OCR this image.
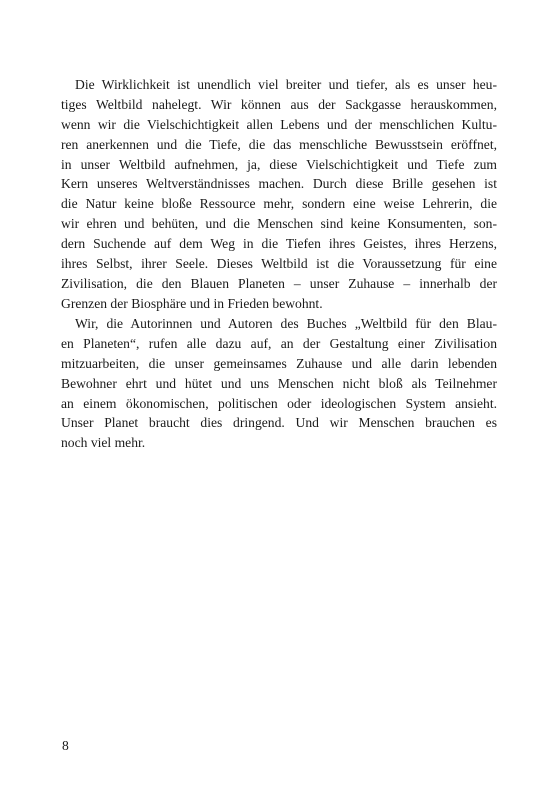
Die Wirklichkeit ist unendlich viel breiter und tiefer, als es unser heu-
tiges Weltbild nahelegt. Wir können aus der Sackgasse herauskommen,
wenn wir die Vielschichtigkeit allen Lebens und der menschlichen Kultu-
ren anerkennen und die Tiefe, die das menschliche Bewusstsein eröffnet,
in unser Weltbild aufnehmen, ja, diese Vielschichtigkeit und Tiefe zum
Kern unseres Weltverständnisses machen. Durch diese Brille gesehen ist
die Natur keine bloße Ressource mehr, sondern eine weise Lehrerin, die
wir ehren und behüten, und die Menschen sind keine Konsumenten, son-
dern Suchende auf dem Weg in die Tiefen ihres Geistes, ihres Herzens,
ihres Selbst, ihrer Seele. Dieses Weltbild ist die Voraussetzung für eine
Zivilisation, die den Blauen Planeten – unser Zuhause – innerhalb der
Grenzen der Biosphäre und in Frieden bewohnt.
Wir, die Autorinnen und Autoren des Buches „Weltbild für den Blau-
en Planeten“, rufen alle dazu auf, an der Gestaltung einer Zivilisation
mitzuarbeiten, die unser gemeinsames Zuhause und alle darin lebenden
Bewohner ehrt und hütet und uns Menschen nicht bloß als Teilnehmer
an einem ökonomischen, politischen oder ideologischen System ansieht.
Unser Planet braucht dies dringend. Und wir Menschen brauchen es
noch viel mehr.
8
